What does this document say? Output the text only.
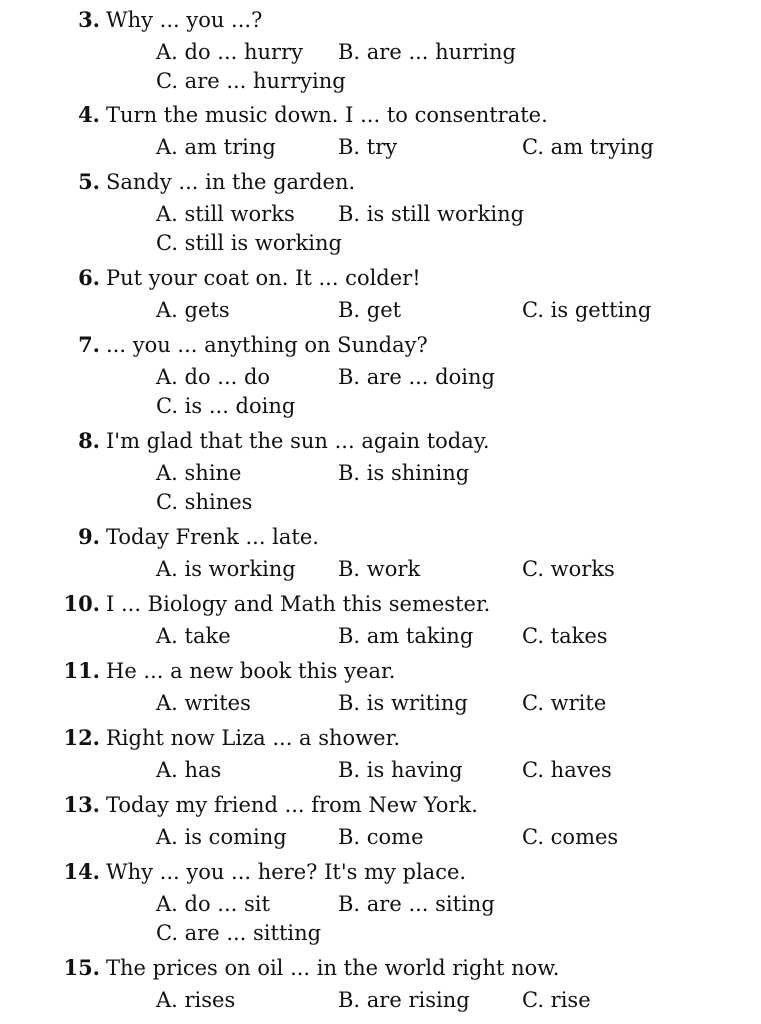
3. Why ... you ...?
A. do ... hurry B. are ... hurring
C. are ... hurrying
4. Turn the music down. I ... to consentrate.
A. am tring	B. try	C. am trying
5. Sandy ... in the garden.
A. still works B. is still working
C. still is working
6. Put your coat on. It ... colder!
A. gets	B. get	C. is getting
7. ... you ... anything on Sunday?
A. do ... do	B. are ... doing
C. is ... doing
8. I'm glad that the sun ... again today.
A. shine	B. is shining
C. shines
9. Today Frenk ... late.
A. is working B. work	C. works
10. I ... Biology and Math this semester.
A. take	B. am taking C. takes
11. He ... a new book this year.
A. writes	B. is writing	C. write
12. Right now Liza ... a shower.
A. has	B. is having	C. haves
13. Today my friend ... from New York.
A. is coming B. come	C. comes
14. Why ... you ... here? It's my place.
A. do ... sit	B. are ... siting
C. are ... sitting
15. The prices on oil ... in the world right now.
A. rises	B. are rising C. rise
